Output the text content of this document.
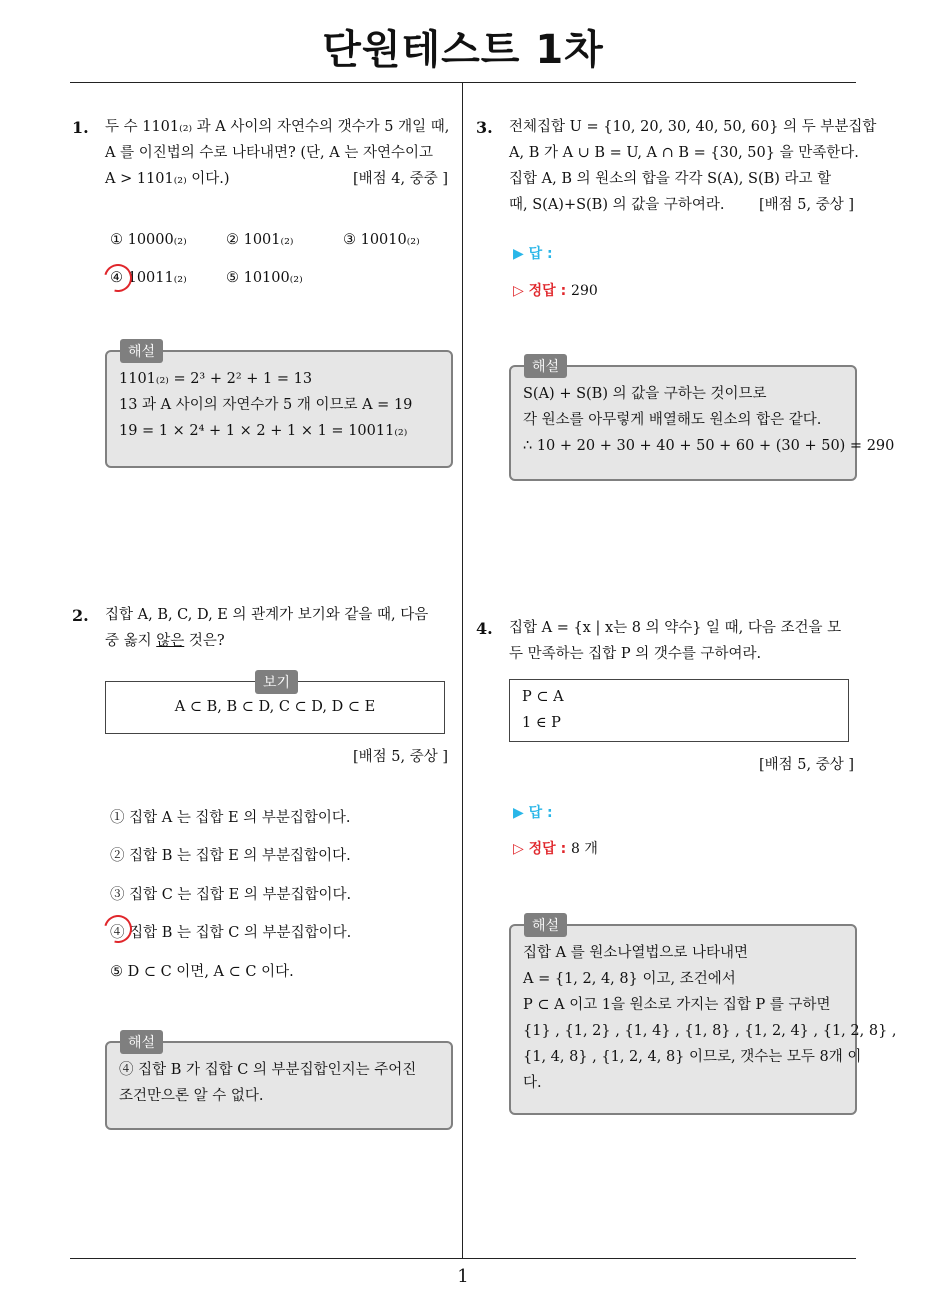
단원테스트 1차
1
1. 두 수 1101₍₂₎ 과 A 사이의 자연수의 갯수가 5 개일 때,
A 를 이진법의 수로 나타내면? (단, A 는 자연수이고
A > 1101₍₂₎ 이다.)	[배점 4, 중중 ]
① 10000₍₂₎	② 1001₍₂₎	③ 10010₍₂₎
④ 10011₍₂₎	⑤ 10100₍₂₎
1101₍₂₎ = 2³ + 2² + 1 = 13
13 과 A 사이의 자연수가 5 개 이므로 A = 19
19 = 1 × 2⁴ + 1 × 2 + 1 × 1 = 10011₍₂₎
해설
2. 집합 A, B, C, D, E 의 관계가 보기와 같을 때, 다음
중 옳지 않은 것은?
A ⊂ B, B ⊂ D, C ⊂ D, D ⊂ E
보기
[배점 5, 중상 ]
① 집합 A 는 집합 E 의 부분집합이다.
② 집합 B 는 집합 E 의 부분집합이다.
③ 집합 C 는 집합 E 의 부분집합이다.
④ 집합 B 는 집합 C 의 부분집합이다.
⑤ D ⊂ C 이면, A ⊂ C 이다.
④ 집합 B 가 집합 C 의 부분집합인지는 주어진
조건만으론 알 수 없다.
해설
3. 전체집합 U = {10, 20, 30, 40, 50, 60} 의 두 부분집합
A, B 가 A ∪ B = U, A ∩ B = {30, 50} 을 만족한다.
집합 A, B 의 원소의 합을 각각 S(A), S(B) 라고 할
때, S(A)+S(B) 의 값을 구하여라.	[배점 5, 중상 ]
▶ 답 :
▷ 정답 : 290
S(A) + S(B) 의 값을 구하는 것이므로
각 원소를 아무렇게 배열해도 원소의 합은 같다.
∴ 10 + 20 + 30 + 40 + 50 + 60 + (30 + 50) = 290
해설
4. 집합 A = {x | x는 8 의 약수} 일 때, 다음 조건을 모
두 만족하는 집합 P 의 갯수를 구하여라.
P ⊂ A
1 ∈ P
[배점 5, 중상 ]
▶ 답 :
▷ 정답 : 8 개
집합 A 를 원소나열법으로 나타내면
A = {1, 2, 4, 8} 이고, 조건에서
P ⊂ A 이고 1을 원소로 가지는 집합 P 를 구하면
{1} , {1, 2} , {1, 4} , {1, 8} , {1, 2, 4} , {1, 2, 8} ,
{1, 4, 8} , {1, 2, 4, 8} 이므로, 갯수는 모두 8개 이
다.
해설
